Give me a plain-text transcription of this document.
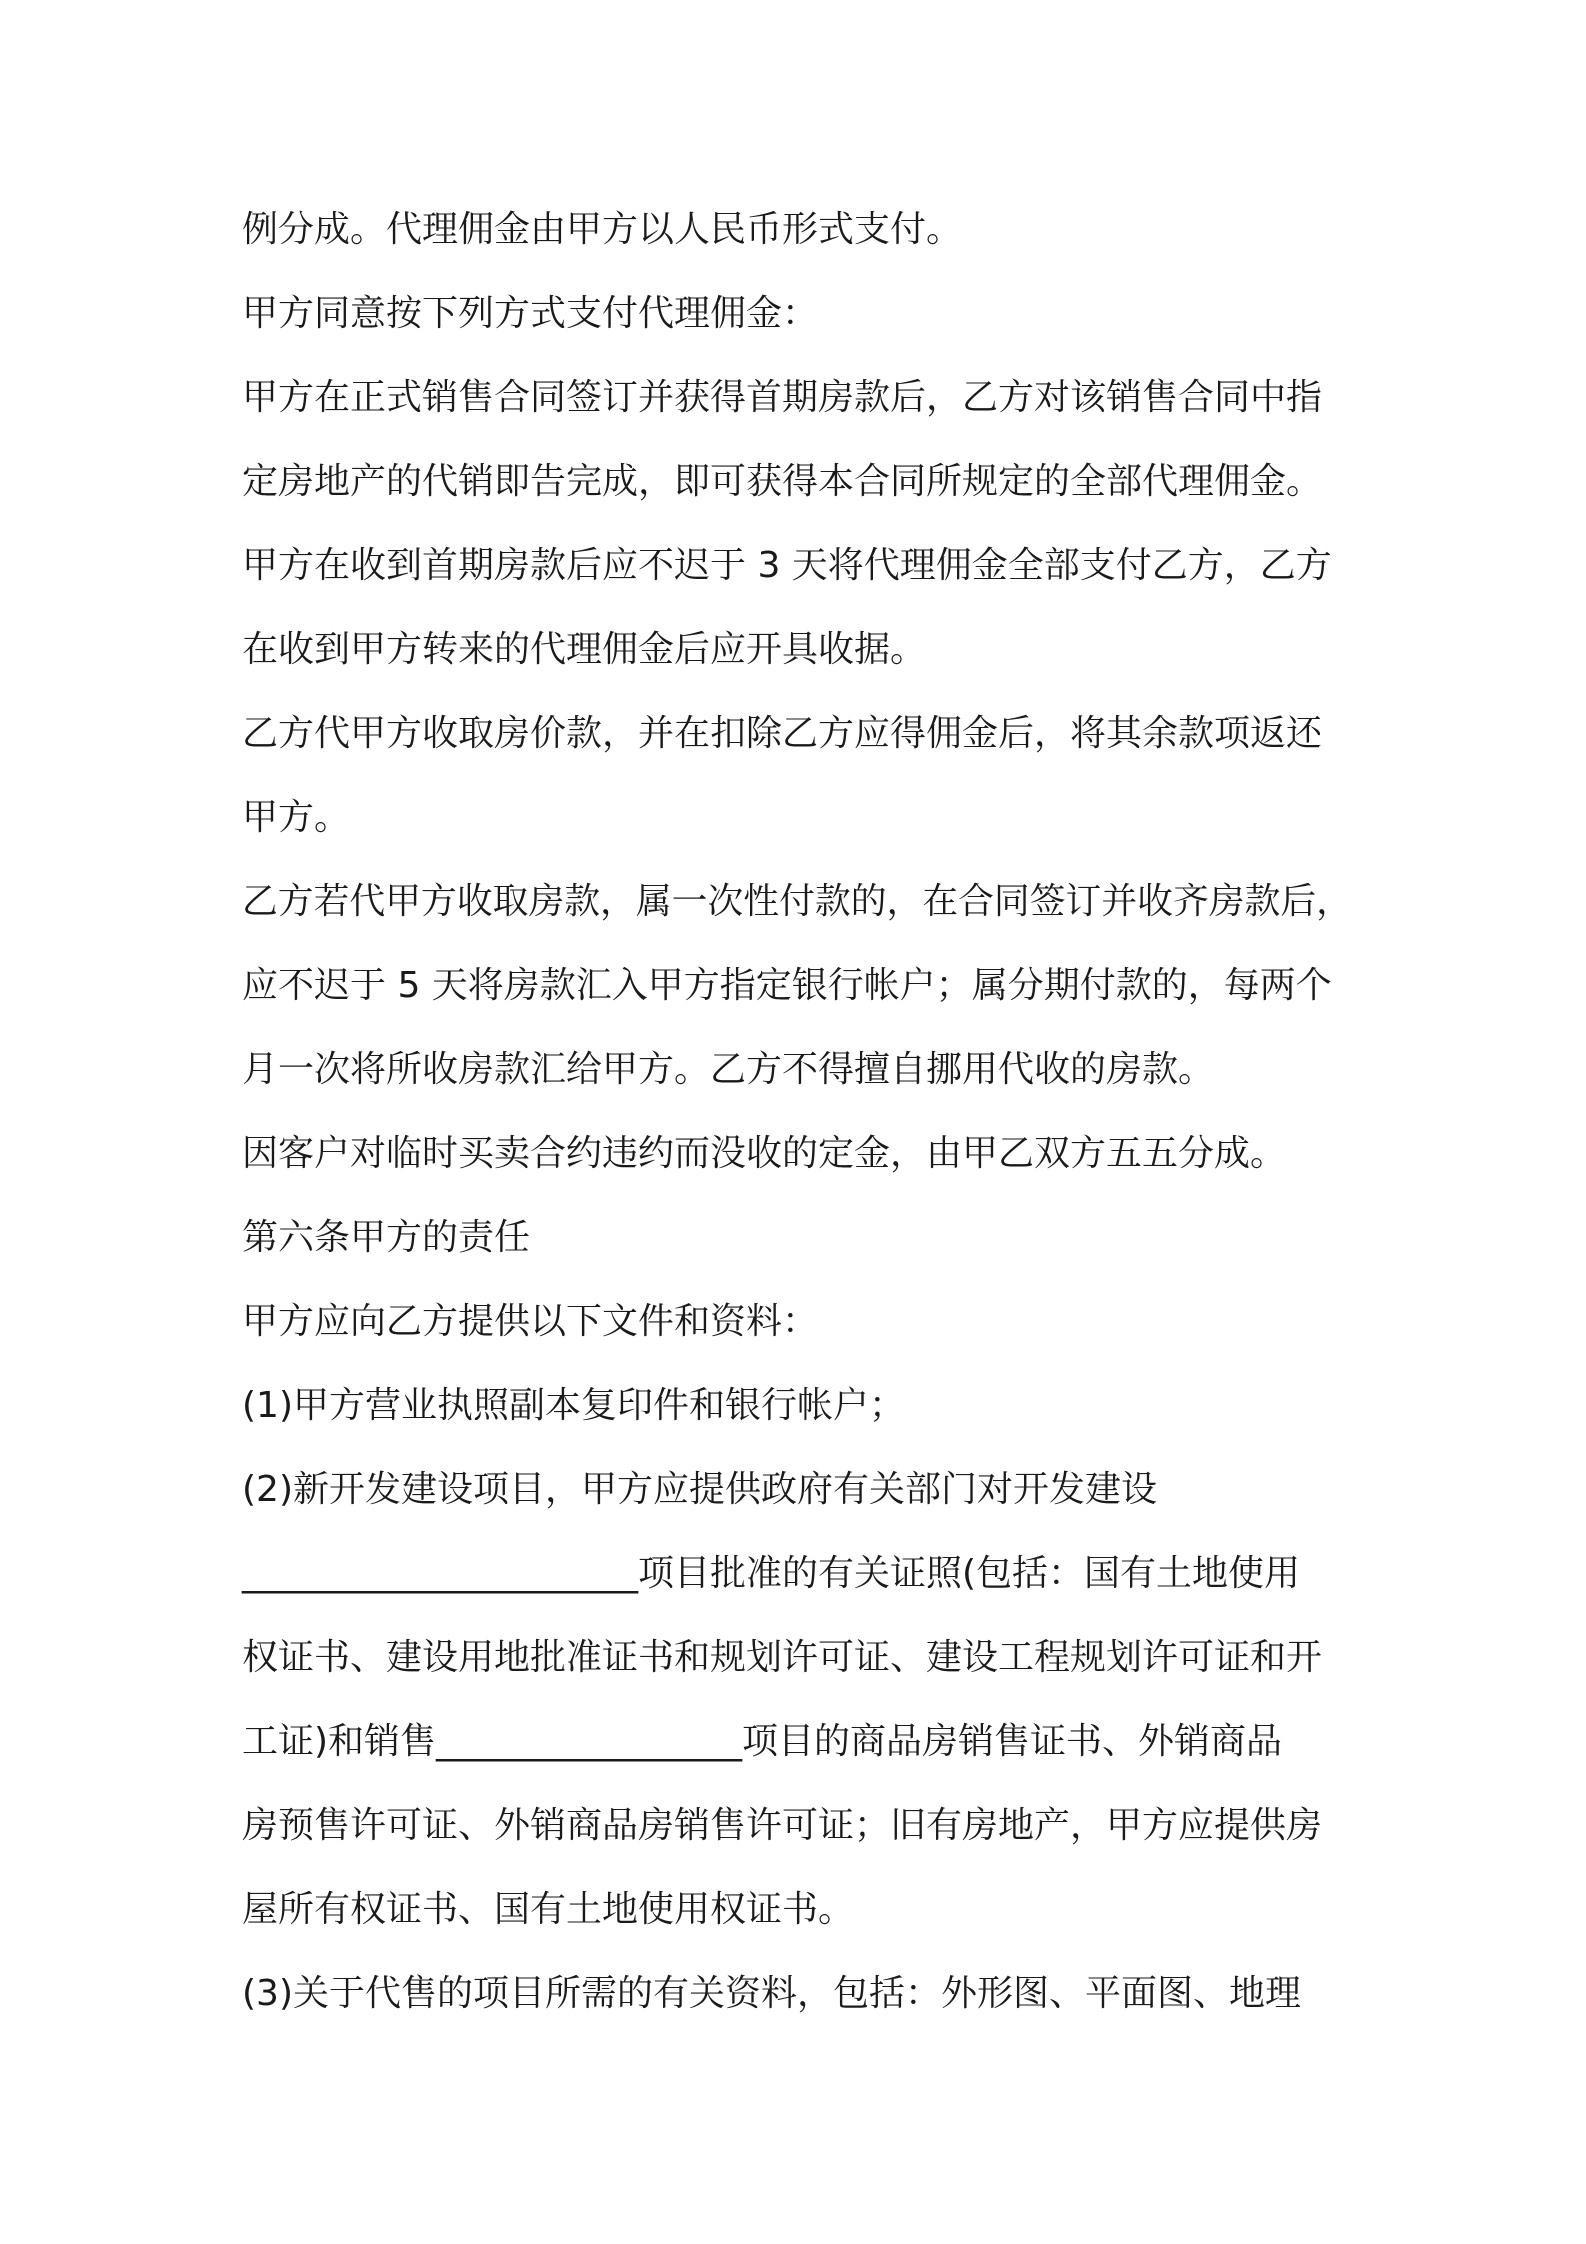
例分成。代理佣金由甲方以人民币形式支付。
甲方同意按下列方式支付代理佣金：
甲方在正式销售合同签订并获得首期房款后，乙方对该销售合同中指
定房地产的代销即告完成，即可获得本合同所规定的全部代理佣金。
甲方在收到首期房款后应不迟于 3 天将代理佣金全部支付乙方，乙方
在收到甲方转来的代理佣金后应开具收据。
乙方代甲方收取房价款，并在扣除乙方应得佣金后，将其余款项返还
甲方。
乙方若代甲方收取房款，属一次性付款的，在合同签订并收齐房款后，
应不迟于 5 天将房款汇入甲方指定银行帐户；属分期付款的，每两个
月一次将所收房款汇给甲方。乙方不得擅自挪用代收的房款。
因客户对临时买卖合约违约而没收的定金，由甲乙双方五五分成。
第六条甲方的责任
甲方应向乙方提供以下文件和资料：
(1)甲方营业执照副本复印件和银行帐户；
(2)新开发建设项目，甲方应提供政府有关部门对开发建设
______________________项目批准的有关证照(包括：国有土地使用
权证书、建设用地批准证书和规划许可证、建设工程规划许可证和开
工证)和销售_________________项目的商品房销售证书、外销商品
房预售许可证、外销商品房销售许可证；旧有房地产，甲方应提供房
屋所有权证书、国有土地使用权证书。
(3)关于代售的项目所需的有关资料，包括：外形图、平面图、地理
